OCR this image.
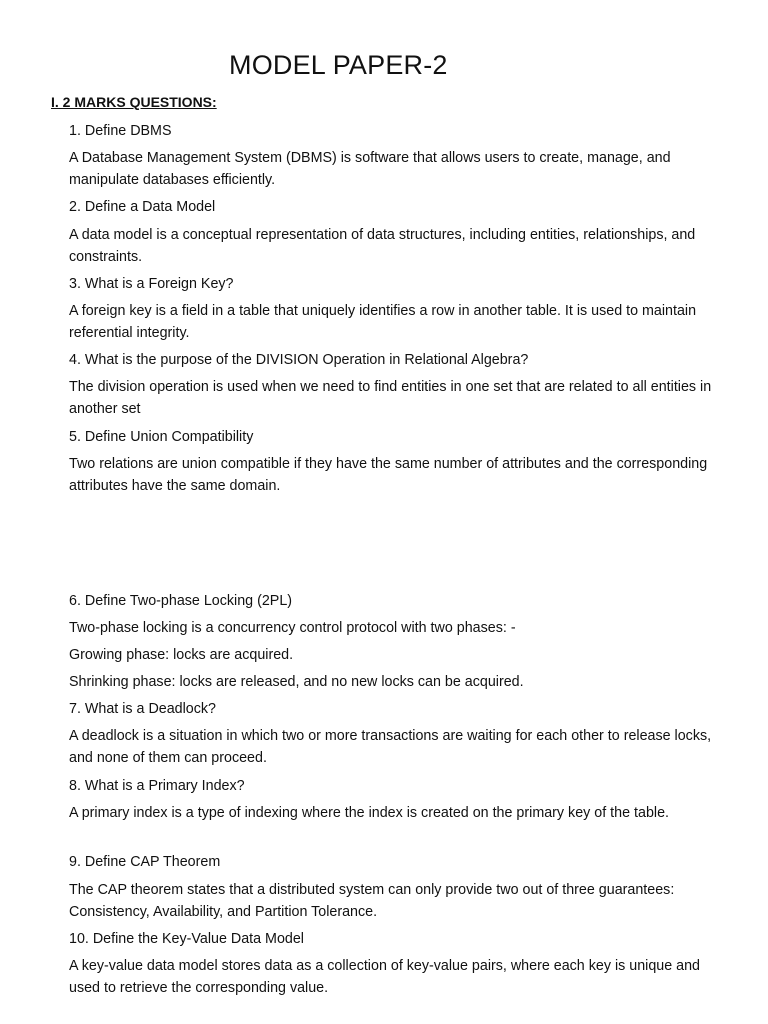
MODEL PAPER-2
I. 2 MARKS QUESTIONS:
1. Define DBMS
A Database Management System (DBMS) is software that allows users to create, manage, and manipulate databases efficiently.
2. Define a Data Model
A data model is a conceptual representation of data structures, including entities, relationships, and constraints.
3. What is a Foreign Key?
A foreign key is a field in a table that uniquely identifies a row in another table. It is used to maintain referential integrity.
4. What is the purpose of the DIVISION Operation in Relational Algebra?
The division operation is used when we need to find entities in one set that are related to all entities in another set
5. Define Union Compatibility
Two relations are union compatible if they have the same number of attributes and the corresponding attributes have the same domain.
6. Define Two-phase Locking (2PL)
Two-phase locking is a concurrency control protocol with two phases: -
Growing phase: locks are acquired.
Shrinking phase: locks are released, and no new locks can be acquired.
7. What is a Deadlock?
A deadlock is a situation in which two or more transactions are waiting for each other to release locks, and none of them can proceed.
8. What is a Primary Index?
A primary index is a type of indexing where the index is created on the primary key of the table.
9. Define CAP Theorem
The CAP theorem states that a distributed system can only provide two out of three guarantees: Consistency, Availability, and Partition Tolerance.
10. Define the Key-Value Data Model
A key-value data model stores data as a collection of key-value pairs, where each key is unique and used to retrieve the corresponding value.
